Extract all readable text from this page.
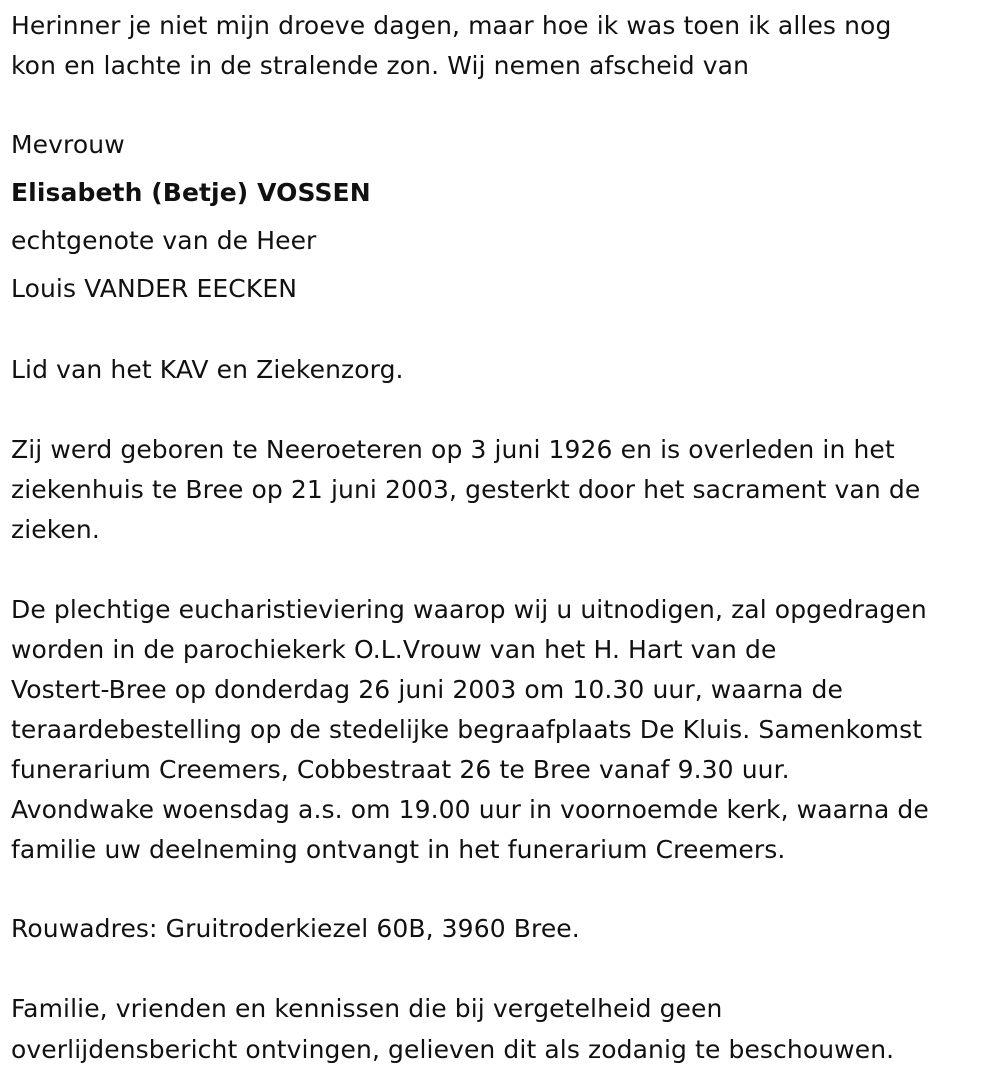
Herinner je niet mijn droeve dagen, maar hoe ik was toen ik alles nog
kon en lachte in de stralende zon. Wij nemen afscheid van
Mevrouw
Elisabeth (Betje) VOSSEN
echtgenote van de Heer
Louis VANDER EECKEN
Lid van het KAV en Ziekenzorg.
Zij werd geboren te Neeroeteren op 3 juni 1926 en is overleden in het
ziekenhuis te Bree op 21 juni 2003, gesterkt door het sacrament van de
zieken.
De plechtige eucharistieviering waarop wij u uitnodigen, zal opgedragen
worden in de parochiekerk O.L.Vrouw van het H. Hart van de
Vostert-Bree op donderdag 26 juni 2003 om 10.30 uur, waarna de
teraardebestelling op de stedelijke begraafplaats De Kluis. Samenkomst
funerarium Creemers, Cobbestraat 26 te Bree vanaf 9.30 uur.
Avondwake woensdag a.s. om 19.00 uur in voornoemde kerk, waarna de
familie uw deelneming ontvangt in het funerarium Creemers.
Rouwadres: Gruitroderkiezel 60B, 3960 Bree.
Familie, vrienden en kennissen die bij vergetelheid geen
overlijdensbericht ontvingen, gelieven dit als zodanig te beschouwen.
